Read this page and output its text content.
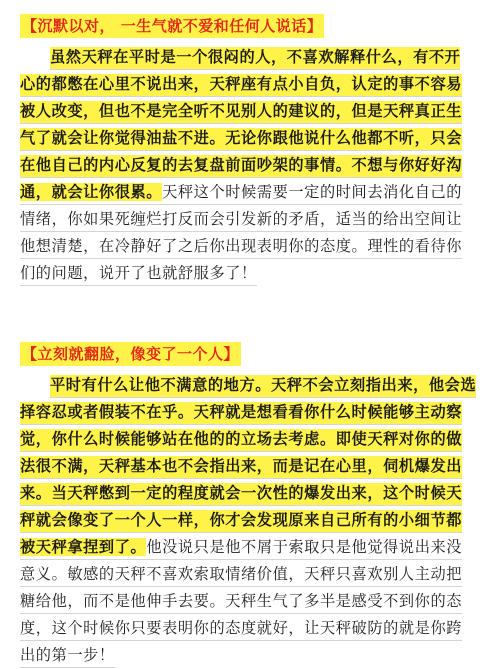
【沉默以对， 一生气就不爱和任何人说话】
虽然天秤在平时是一个很闷的人，不喜欢解释什么，有不开
心的都憋在心里不说出来，天秤座有点小自负，认定的事不容易
被人改变，但也不是完全听不见别人的建议的，但是天秤真正生
气了就会让你觉得油盐不进。无论你跟他说什么他都不听，只会
在他自己的内心反复的去复盘前面吵架的事情。不想与你好好沟
通，就会让你很累。天秤这个时候需要一定的时间去消化自己的
情绪，你如果死缠烂打反而会引发新的矛盾，适当的给出空间让
他想清楚，在冷静好了之后你出现表明你的态度。理性的看待你
们的问题，说开了也就舒服多了！
【立刻就翻脸，像变了一个人】
平时有什么让他不满意的地方。天秤不会立刻指出来，他会选
择容忍或者假装不在乎。天秤就是想看看你什么时候能够主动察
觉，你什么时候能够站在他的的立场去考虑。即使天秤对你的做
法很不满，天秤基本也不会指出来，而是记在心里，伺机爆发出
来。当天秤憋到一定的程度就会一次性的爆发出来，这个时候天
秤就会像变了一个人一样，你才会发现原来自己所有的小细节都
被天秤拿捏到了。他没说只是他不屑于索取只是他觉得说出来没
意义。敏感的天秤不喜欢索取情绪价值，天秤只喜欢别人主动把
糖给他，而不是他伸手去要。天秤生气了多半是感受不到你的态
度，这个时候你只要表明你的态度就好，让天秤破防的就是你跨
出的第一步！
